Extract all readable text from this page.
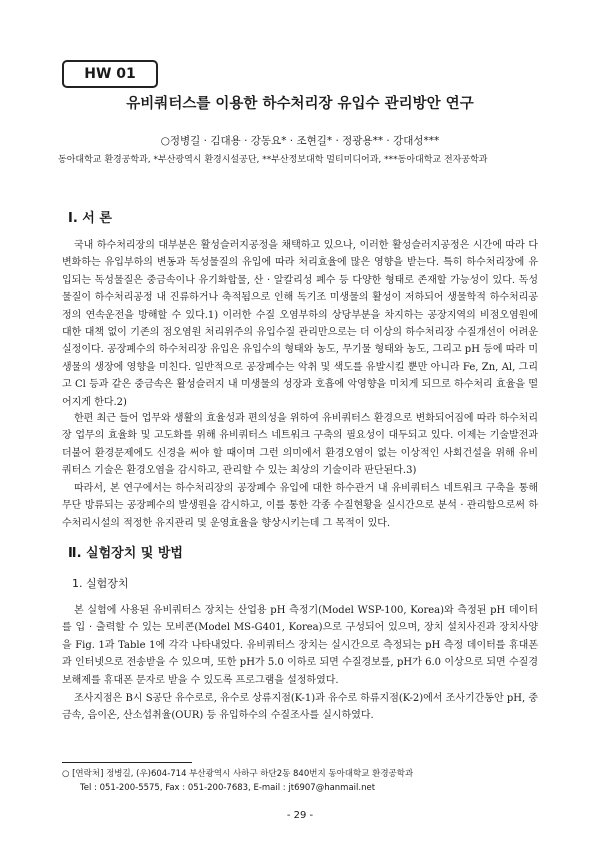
HW 01
유비쿼터스를 이용한 하수처리장 유입수 관리방안 연구
○정병길 · 김대용 · 강동요* · 조현길* · 정광용** · 강대성***
동아대학교 환경공학과, *부산광역시 환경시설공단, **부산정보대학 멀티미디어과, ***동아대학교 전자공학과
Ⅰ. 서 론

국내 하수처리장의 대부분은 활성슬러지공정을 채택하고 있으나, 이러한 활성슬러지공정은 시간에 따라 다변화하는 유입부하의 변동과 독성물질의 유입에 따라 처리효율에 많은 영향을 받는다. 특히 하수처리장에 유입되는 독성물질은 중금속이나 유기화합물, 산 · 알칼리성 폐수 등 다양한 형태로 존재할 가능성이 있다. 독성물질이 하수처리공정 내 진류하거나 축적됨으로 인해 독기조 미생물의 활성이 저하되어 생물학적 하수처리공정의 연속운전을 방해할 수 있다.1) 이러한 수질 오염부하의 상당부분을 차지하는 공장지역의 비점오염원에 대한 대책 없이 기존의 점오염원 처리위주의 유입수질 관리만으로는 더 이상의 하수처리장 수질개선이 어려운 실정이다. 공장폐수의 하수처리장 유입은 유입수의 형태와 농도, 무기물 형태와 농도, 그리고 pH 등에 따라 미생물의 생장에 영향을 미친다. 일반적으로 공장폐수는 악취 및 색도를 유발시킬 뿐만 아니라 Fe, Zn, Al, 그리고 Cl 등과 같은 중금속은 활성슬러지 내 미생물의 성장과 호흡에 악영향을 미치게 되므로 하수처리 효율을 떨어지게 한다.2)

한편 최근 들어 업무와 생활의 효율성과 편의성을 위하여 유비쿼터스 환경으로 변화되어짐에 따라 하수처리장 업무의 효율화 및 고도화를 위해 유비쿼터스 네트워크 구축의 필요성이 대두되고 있다. 이제는 기술발전과 더불어 환경문제에도 신경을 써야 할 때이며 그런 의미에서 환경오염이 없는 이상적인 사회건설을 위해 유비쿼터스 기술은 환경오염을 감시하고, 관리할 수 있는 최상의 기술이라 판단된다.3)

따라서, 본 연구에서는 하수처리장의 공장폐수 유입에 대한 하수관거 내 유비쿼터스 네트워크 구축을 통해 무단 방류되는 공장폐수의 발생원을 감시하고, 이를 통한 각종 수질현황을 실시간으로 분석 · 관리함으로써 하수처리시설의 적정한 유지관리 및 운영효율을 향상시키는데 그 목적이 있다.

Ⅱ. 실험장치 및 방법
1. 실험장치

본 실험에 사용된 유비쿼터스 장치는 산업용 pH 측정기(Model WSP-100, Korea)와 측정된 pH 데이터를 입 · 출력할 수 있는 모비콘(Model MS-G401, Korea)으로 구성되어 있으며, 장치 설치사진과 장치사양을 Fig. 1과 Table 1에 각각 나타내었다. 유비쿼터스 장치는 실시간으로 측정되는 pH 측정 데이터를 휴대폰과 인터넷으로 전송받을 수 있으며, 또한 pH가 5.0 이하로 되면 수질경보를, pH가 6.0 이상으로 되면 수질경보해제를 휴대폰 문자로 받을 수 있도록 프로그램을 설정하였다.

조사지점은 B시 S공단 유수로로, 유수로 상류지점(K-1)과 유수로 하류지점(K-2)에서 조사기간동안 pH, 중금속, 음이온, 산소섭취율(OUR) 등 유입하수의 수질조사를 실시하였다.

○ [연락처] 정병길, (우)604-714 부산광역시 사하구 하단2동 840번지 동아대학교 환경공학과
Tel : 051-200-5575, Fax : 051-200-7683, E-mail : jt6907@hanmail.net
- 29 -
